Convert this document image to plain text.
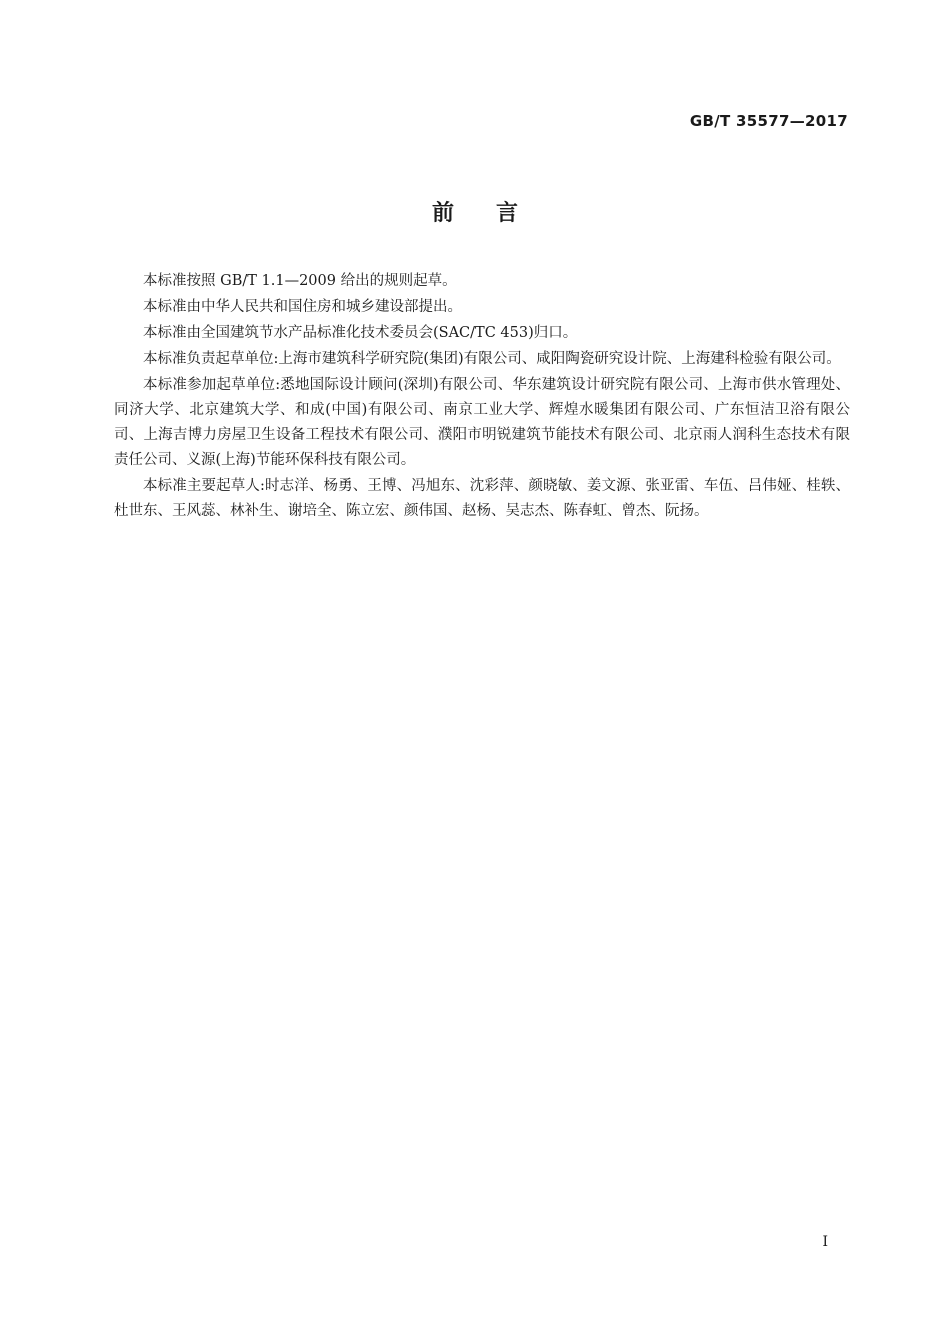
GB/T 35577—2017
前言

本标准按照 GB/T 1.1—2009 给出的规则起草。

本标准由中华人民共和国住房和城乡建设部提出。

本标准由全国建筑节水产品标准化技术委员会(SAC/TC 453)归口。

本标准负责起草单位:上海市建筑科学研究院(集团)有限公司、咸阳陶瓷研究设计院、上海建科检验有限公司。

本标准参加起草单位:悉地国际设计顾问(深圳)有限公司、华东建筑设计研究院有限公司、上海市供水管理处、同济大学、北京建筑大学、和成(中国)有限公司、南京工业大学、辉煌水暖集团有限公司、广东恒洁卫浴有限公司、上海吉博力房屋卫生设备工程技术有限公司、濮阳市明锐建筑节能技术有限公司、北京雨人润科生态技术有限责任公司、义源(上海)节能环保科技有限公司。

本标准主要起草人:时志洋、杨勇、王博、冯旭东、沈彩萍、颜晓敏、姜文源、张亚雷、车伍、吕伟娅、桂轶、杜世东、王风蕊、林补生、谢培全、陈立宏、颜伟国、赵杨、吴志杰、陈春虹、曾杰、阮扬。

I
